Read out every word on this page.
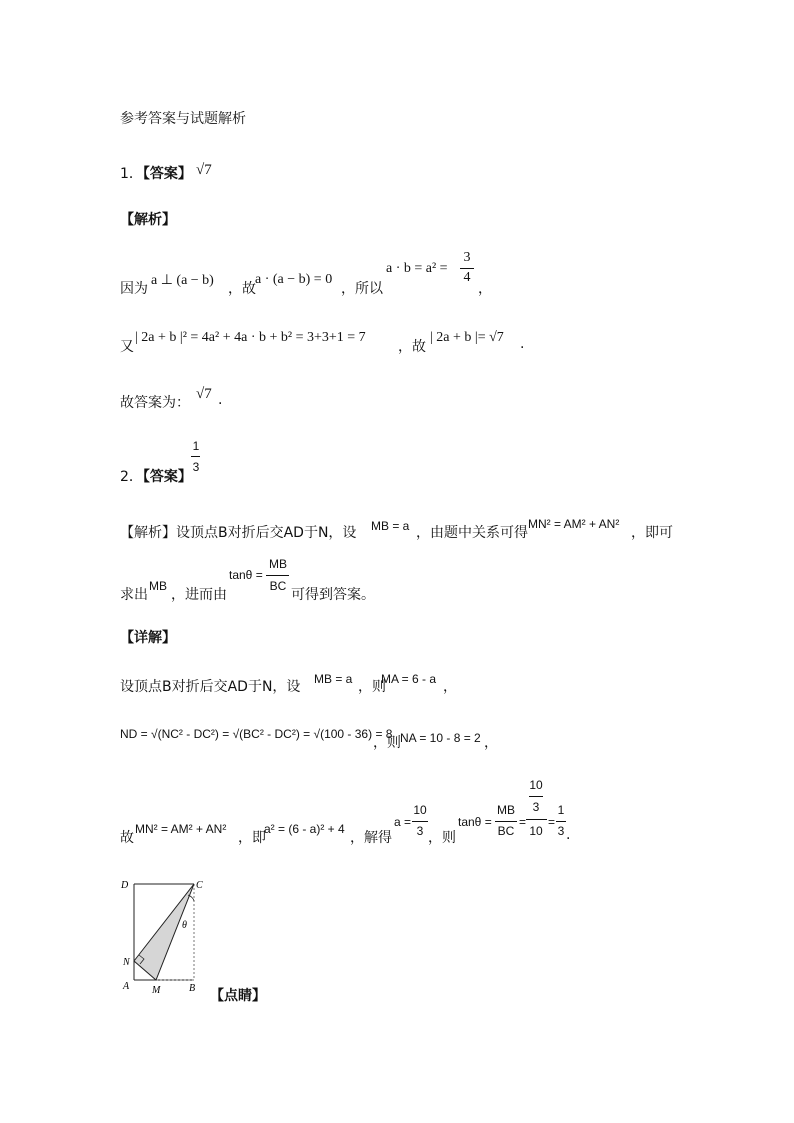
参考答案与试题解析
1．【答案】 √7
【解析】
因为
a ⊥ (a − b)
，故
a · (a − b) = 0
，所以
a · b = a² =
3
4
，
又
| 2a + b |² = 4a² + 4a · b + b² = 3+3+1 = 7
，故
| 2a + b |= √7 .
故答案为：
√7 .
2．【答案】
1
3
【解析】设顶点B对折后交AD于N，设 MB = a ，由题中关系可得
MN² = AM² + AN²
，即可
求出
MB
，进而由
tanθ =
MB
BC
可得到答案。
【详解】
设顶点B对折后交AD于N，设 MB = a ，则
MA = 6 - a ，
ND = √(NC² - DC²) = √(BC² - DC²) = √(100 - 36) = 8
，则 NA = 10 - 8 = 2 ，
故
MN² = AM² + AN²
，即
a² = (6 - a)² + 4
，解得
a =
10
3 ，则
tanθ =
MB
BC
=
10
3
10
=
1
3 .
D	C
N
A M	B
θ
【点睛】
